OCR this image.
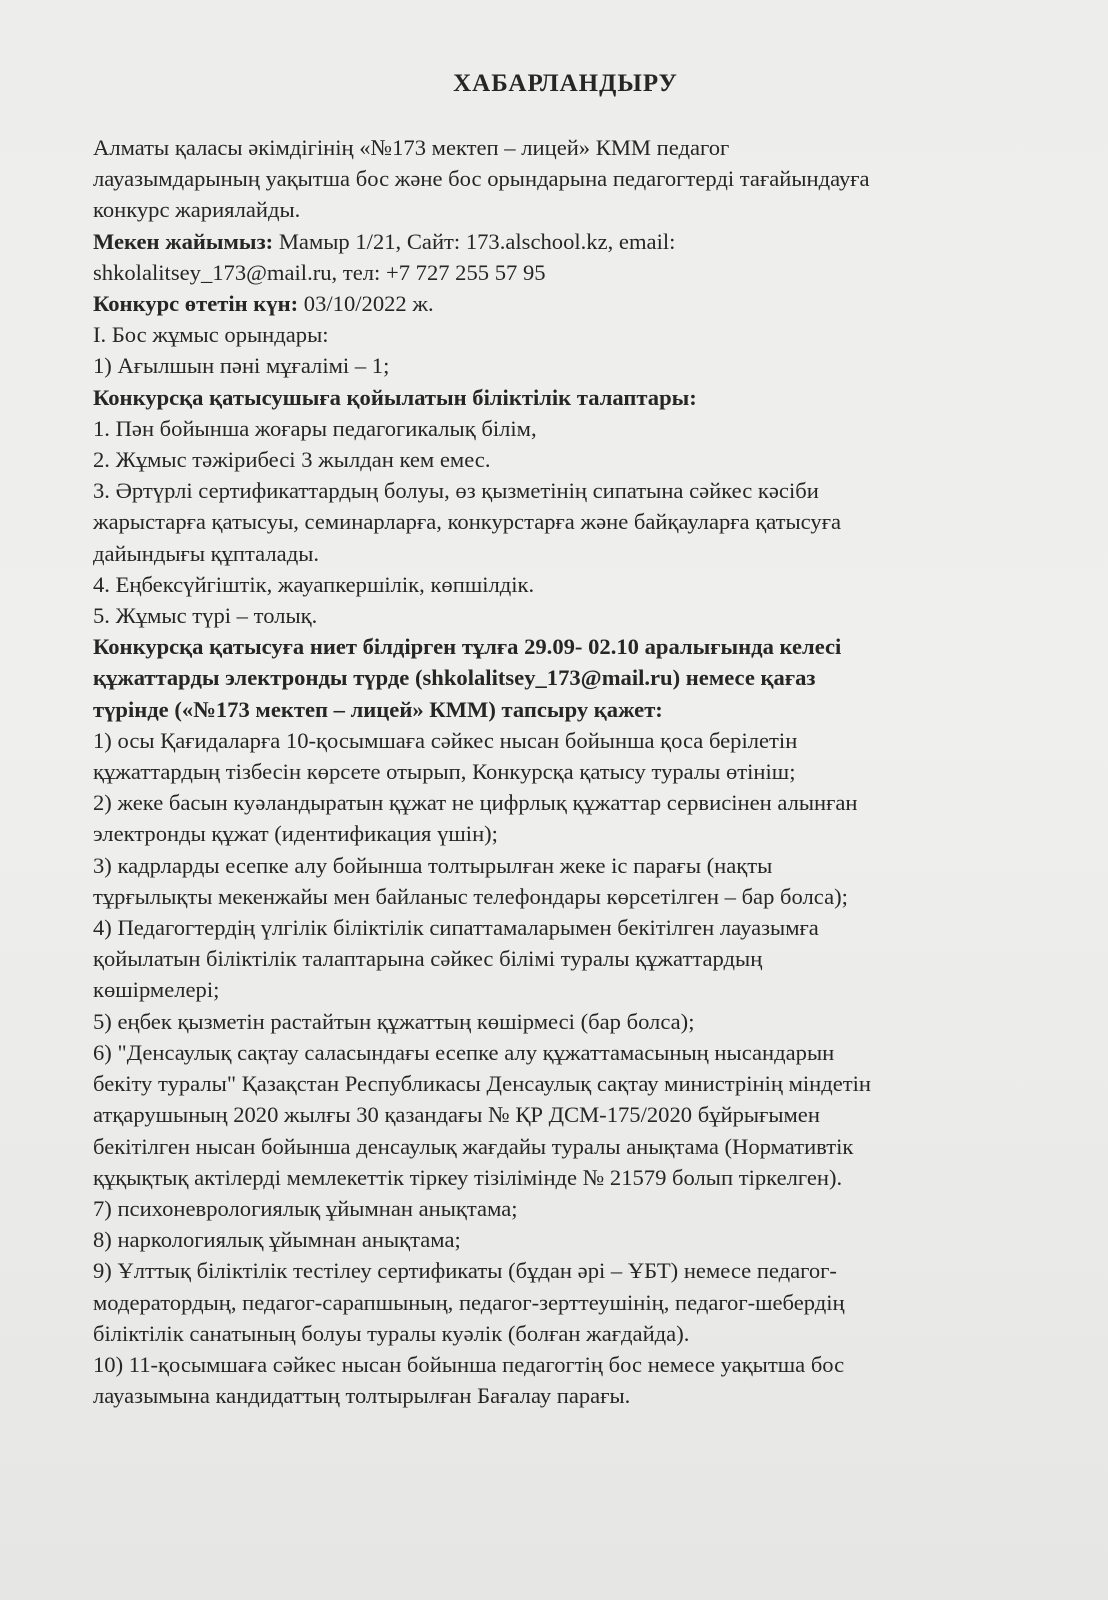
ХАБАРЛАНДЫРУ
Алматы қаласы әкімдігінің «№173 мектеп – лицей» КММ педагог
лауазымдарының уақытша бос және бос орындарына педагогтерді тағайындауға
конкурс жариялайды.
Мекен жайымыз: Мамыр 1/21, Сайт: 173.alschool.kz, email:
shkolalitsey_173@mail.ru, тел: +7 727 255 57 95
Конкурс өтетін күн: 03/10/2022 ж.
I. Бос жұмыс орындары:
1) Ағылшын пәні мұғалімі – 1;
Конкурсқа қатысушыға қойылатын біліктілік талаптары:
1. Пән бойынша жоғары педагогикалық білім,
2. Жұмыс тәжірибесі 3 жылдан кем емес.
3. Әртүрлі сертификаттардың болуы, өз қызметінің сипатына сәйкес кәсіби
жарыстарға қатысуы, семинарларға, конкурстарға және байқауларға қатысуға
дайындығы құпталады.
4. Еңбексүйгіштік, жауапкершілік, көпшілдік.
5. Жұмыс түрі – толық.
Конкурсқа қатысуға ниет білдірген тұлға 29.09- 02.10 аралығында келесі
құжаттарды электронды түрде (shkolalitsey_173@mail.ru) немесе қағаз
түрінде («№173 мектеп – лицей» КММ) тапсыру қажет:
1) осы Қағидаларға 10-қосымшаға сәйкес нысан бойынша қоса берілетін
құжаттардың тізбесін көрсете отырып, Конкурсқа қатысу туралы өтініш;
2) жеке басын куәландыратын құжат не цифрлық құжаттар сервисінен алынған
электронды құжат (идентификация үшін);
3) кадрларды есепке алу бойынша толтырылған жеке іс парағы (нақты
тұрғылықты мекенжайы мен байланыс телефондары көрсетілген – бар болса);
4) Педагогтердің үлгілік біліктілік сипаттамаларымен бекітілген лауазымға
қойылатын біліктілік талаптарына сәйкес білімі туралы құжаттардың
көшірмелері;
5) еңбек қызметін растайтын құжаттың көшірмесі (бар болса);
6) "Денсаулық сақтау саласындағы есепке алу құжаттамасының нысандарын
бекіту туралы" Қазақстан Республикасы Денсаулық сақтау министрінің міндетін
атқарушының 2020 жылғы 30 қазандағы № ҚР ДСМ-175/2020 бұйрығымен
бекітілген нысан бойынша денсаулық жағдайы туралы анықтама (Нормативтік
құқықтық актілерді мемлекеттік тіркеу тізілімінде № 21579 болып тіркелген).
7) психоневрологиялық ұйымнан анықтама;
8) наркологиялық ұйымнан анықтама;
9) Ұлттық біліктілік тестілеу сертификаты (бұдан әрі – ҰБТ) немесе педагог-
модератордың, педагог-сарапшының, педагог-зерттеушінің, педагог-шебердің
біліктілік санатының болуы туралы куәлік (болған жағдайда).
10) 11-қосымшаға сәйкес нысан бойынша педагогтің бос немесе уақытша бос
лауазымына кандидаттың толтырылған Бағалау парағы.
